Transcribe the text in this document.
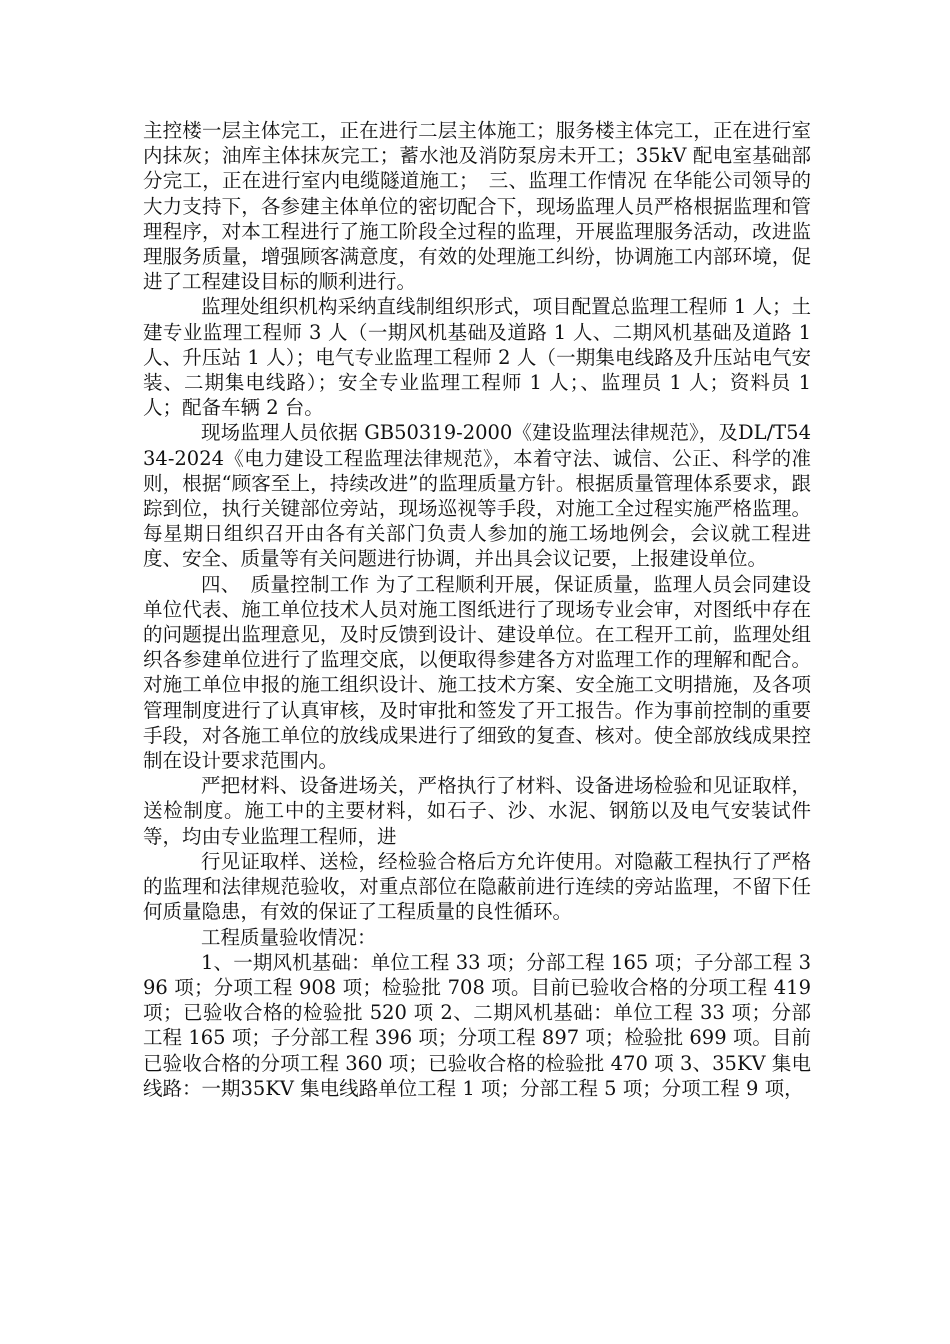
主控楼一层主体完工，正在进行二层主体施工；服务楼主体完工，正在进行室内抹灰；油库主体抹灰完工；蓄水池及消防泵房未开工；35kV 配电室基础部分完工，正在进行室内电缆隧道施工；　三、监理工作情况 在华能公司领导的大力支持下，各参建主体单位的密切配合下，现场监理人员严格根据监理和管理程序，对本工程进行了施工阶段全过程的监理，开展监理服务活动，改进监理服务质量，增强顾客满意度，有效的处理施工纠纷，协调施工内部环境，促进了工程建设目标的顺利进行。

监理处组织机构采纳直线制组织形式，项目配置总监理工程师 1 人；土建专业监理工程师 3 人（一期风机基础及道路 1 人、二期风机基础及道路 1 人、升压站 1 人）；电气专业监理工程师 2 人（一期集电线路及升压站电气安装、二期集电线路）；安全专业监理工程师 1 人；、监理员 1 人；资料员 1 人；配备车辆 2 台。

现场监理人员依据 GB50319-2000《建设监理法律规范》，及DL/T5434-2024《电力建设工程监理法律规范》，本着守法、诚信、公正、科学的准则，根据“顾客至上，持续改进”的监理质量方针。根据质量管理体系要求，跟踪到位，执行关键部位旁站，现场巡视等手段，对施工全过程实施严格监理。每星期日组织召开由各有关部门负责人参加的施工场地例会，会议就工程进度、安全、质量等有关问题进行协调，并出具会议记要，上报建设单位。

四、　质量控制工作 为了工程顺利开展，保证质量，监理人员会同建设单位代表、施工单位技术人员对施工图纸进行了现场专业会审，对图纸中存在的问题提出监理意见，及时反馈到设计、建设单位。在工程开工前，监理处组织各参建单位进行了监理交底，以便取得参建各方对监理工作的理解和配合。对施工单位申报的施工组织设计、施工技术方案、安全施工文明措施，及各项管理制度进行了认真审核，及时审批和签发了开工报告。作为事前控制的重要手段，对各施工单位的放线成果进行了细致的复查、核对。使全部放线成果控制在设计要求范围内。

严把材料、设备进场关，严格执行了材料、设备进场检验和见证取样，送检制度。施工中的主要材料，如石子、沙、水泥、钢筋以及电气安装试件等，均由专业监理工程师，进

行见证取样、送检，经检验合格后方允许使用。对隐蔽工程执行了严格的监理和法律规范验收，对重点部位在隐蔽前进行连续的旁站监理，不留下任何质量隐患，有效的保证了工程质量的良性循环。

工程质量验收情况：

1、一期风机基础：单位工程 33 项；分部工程 165 项；子分部工程 396 项；分项工程 908 项；检验批 708 项。目前已验收合格的分项工程 419 项；已验收合格的检验批 520 项 2、二期风机基础：单位工程 33 项；分部工程 165 项；子分部工程 396 项；分项工程 897 项；检验批 699 项。目前已验收合格的分项工程 360 项；已验收合格的检验批 470 项 3、35KV 集电线路：一期35KV 集电线路单位工程 1 项；分部工程 5 项；分项工程 9 项，
